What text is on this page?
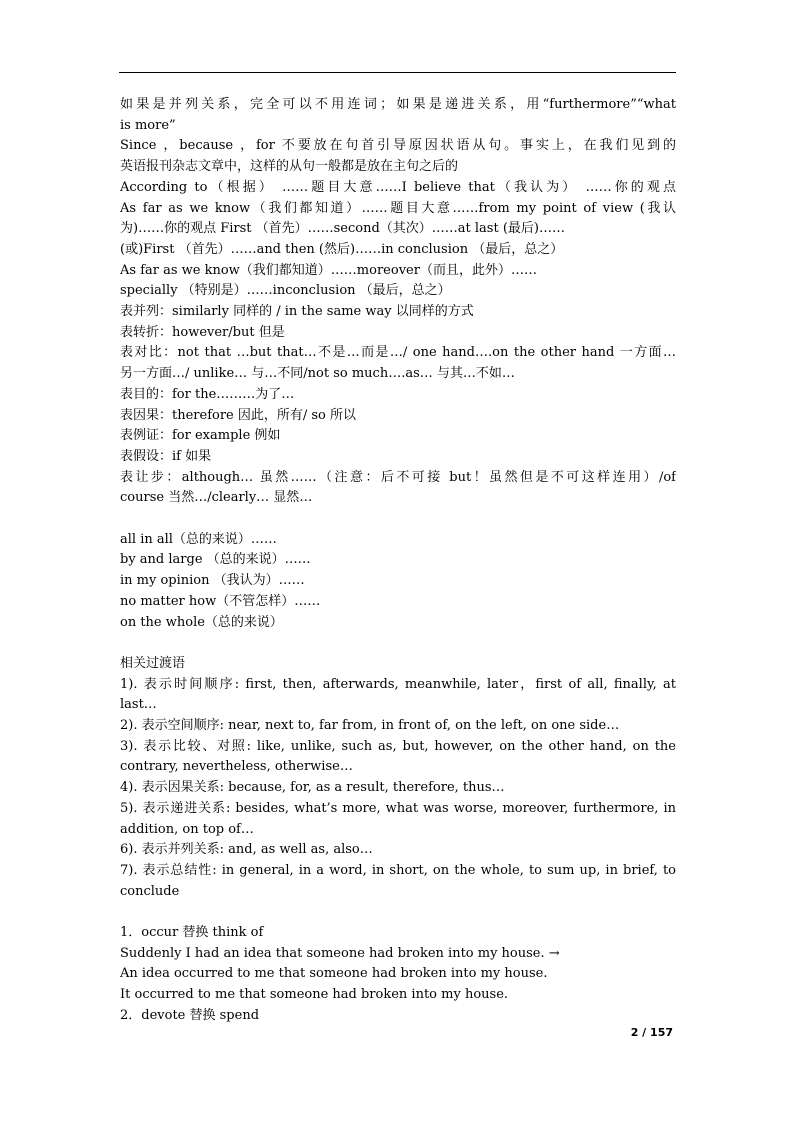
如果是并列关系，完全可以不用连词；如果是递进关系，用“furthermore”“what
is more”
Since ，because ，for 不要放在句首引导原因状语从句。事实上，在我们见到的
英语报刊杂志文章中，这样的从句一般都是放在主句之后的
According to（根据） ……题目大意……I believe that（我认为） ……你的观点
As far as we know（我们都知道）……题目大意……from my point of view (我认
为)……你的观点 First （首先）……second（其次）……at last (最后)……
(或)First （首先）……and then (然后)……in conclusion （最后，总之）
As far as we know（我们都知道）……moreover（而且，此外）……
specially （特别是）……inconclusion （最后，总之）
表并列：similarly 同样的 / in the same way 以同样的方式
表转折：however/but 但是
表对比：not that …but that…不是…而是…/ one hand….on the other hand 一方面…
另一方面…/ unlike… 与…不同/not so much….as… 与其…不如…
表目的：for the………为了…
表因果：therefore 因此，所有/ so 所以
表例证：for example 例如
表假设：if 如果
表让步：although… 虽然……（注意：后不可接 but！虽然但是不可这样连用）/of
course 当然…/clearly… 显然…
all in all（总的来说）……
by and large （总的来说）……
in my opinion （我认为）……
no matter how（不管怎样）……
on the whole（总的来说）
相关过渡语
1). 表示时间顺序: first, then, afterwards, meanwhile, later，first of all, finally, at last…
2). 表示空间顺序: near, next to, far from, in front of, on the left, on one side…
3). 表示比较、对照: like, unlike, such as, but, however, on the other hand, on the
contrary, nevertheless, otherwise…
4). 表示因果关系: because, for, as a result, therefore, thus…
5). 表示递进关系: besides, what’s more, what was worse, moreover, furthermore, in
addition, on top of…
6). 表示并列关系: and, as well as, also…
7). 表示总结性: in general, in a word, in short, on the whole, to sum up, in brief, to
conclude
1．occur 替换 think of
Suddenly I had an idea that someone had broken into my house. →
An idea occurred to me that someone had broken into my house.
It occurred to me that someone had broken into my house.
2．devote 替换 spend
2 / 157
